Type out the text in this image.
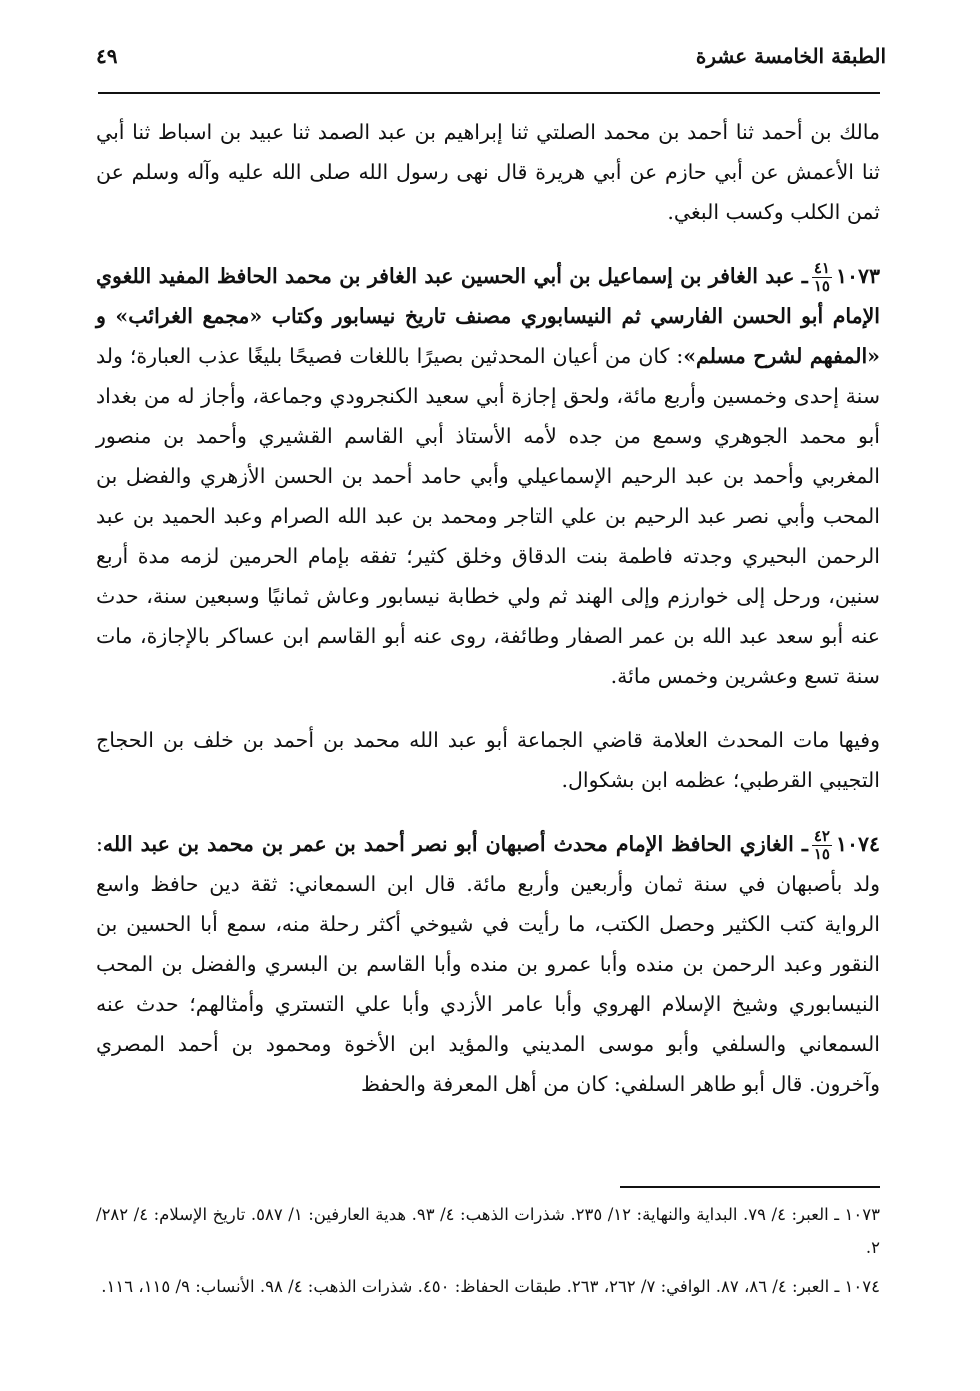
الطبقة الخامسة عشرة
٤٩

مالك بن أحمد ثنا أحمد بن محمد الصلتي ثنا إبراهيم بن عبد الصمد ثنا عبيد بن اسباط ثنا أبي ثنا الأعمش عن أبي حازم عن أبي هريرة قال نهى رسول الله صلى الله عليه وآله وسلم عن ثمن الكلب وكسب البغي.

١٠٧٣
$\frac{٤١}{١٥}$
ـ عبد الغافر بن إسماعيل بن أبي الحسين عبد الغافر بن محمد الحافظ المفيد اللغوي الإمام أبو الحسن الفارسي ثم النيسابوري مصنف تاريخ نيسابور وكتاب «مجمع الغرائب» و «المفهم لشرح مسلم»: كان من أعيان المحدثين بصيرًا باللغات فصيحًا بليغًا عذب العبارة؛ ولد سنة إحدى وخمسين وأربع مائة، ولحق إجازة أبي سعيد الكنجرودي وجماعة، وأجاز له من بغداد أبو محمد الجوهري وسمع من جده لأمه الأستاذ أبي القاسم القشيري وأحمد بن منصور المغربي وأحمد بن عبد الرحيم الإسماعيلي وأبي حامد أحمد بن الحسن الأزهري والفضل بن المحب وأبي نصر عبد الرحيم بن علي التاجر ومحمد بن عبد الله الصرام وعبد الحميد بن عبد الرحمن البحيري وجدته فاطمة بنت الدقاق وخلق كثير؛ تفقه بإمام الحرمين لزمه مدة أربع سنين، ورحل إلى خوارزم وإلى الهند ثم ولي خطابة نيسابور وعاش ثمانيًا وسبعين سنة، حدث عنه أبو سعد عبد الله بن عمر الصفار وطائفة، روى عنه أبو القاسم ابن عساكر بالإجازة، مات سنة تسع وعشرين وخمس مائة.

وفيها مات المحدث العلامة قاضي الجماعة أبو عبد الله محمد بن أحمد بن خلف بن الحجاج التجيبي القرطبي؛ عظمه ابن بشكوال.

١٠٧٤
$\frac{٤٢}{١٥}$
ـ الغازي الحافظ الإمام محدث أصبهان أبو نصر أحمد بن عمر بن محمد بن عبد الله: ولد بأصبهان في سنة ثمان وأربعين وأربع مائة. قال ابن السمعاني: ثقة دين حافظ واسع الرواية كتب الكثير وحصل الكتب، ما رأيت في شيوخي أكثر رحلة منه، سمع أبا الحسين بن النقور وعبد الرحمن بن منده وأبا عمرو بن منده وأبا القاسم بن البسري والفضل بن المحب النيسابوري وشيخ الإسلام الهروي وأبا عامر الأزدي وأبا علي التستري وأمثالهم؛ حدث عنه السمعاني والسلفي وأبو موسى المديني والمؤيد ابن الأخوة ومحمود بن أحمد المصري وآخرون. قال أبو طاهر السلفي: كان من أهل المعرفة والحفظ

١٠٧٣ ـ العبر: ٤/ ٧٩. البداية والنهاية: ١٢/ ٢٣٥. شذرات الذهب: ٤/ ٩٣. هدية العارفين: ١/ ٥٨٧. تاريخ الإسلام: ٤/ ٢٨٢/ ٢.

١٠٧٤ ـ العبر: ٤/ ٨٦، ٨٧. الوافي: ٧/ ٢٦٢، ٢٦٣. طبقات الحفاظ: ٤٥٠. شذرات الذهب: ٤/ ٩٨. الأنساب: ٩/ ١١٥، ١١٦.
